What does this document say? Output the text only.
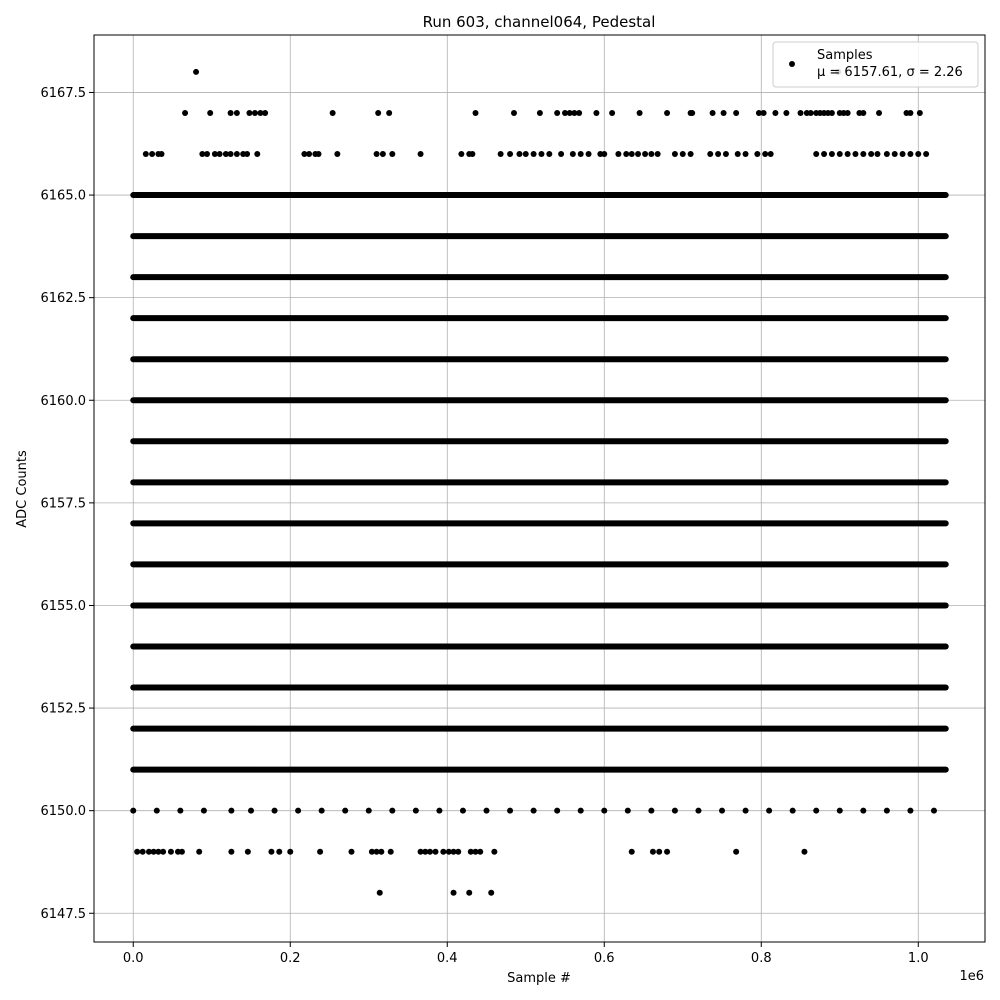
0.0	0.2	0.4	0.6	0.8	1.0
6147.5
6150.0
6152.5
6155.0
6157.5
6160.0
6162.5
6165.0
6167.5
Run 603, channel064, Pedestal
Sample #
ADC Counts
1e6
Samples
μ = 6157.61, σ = 2.26
